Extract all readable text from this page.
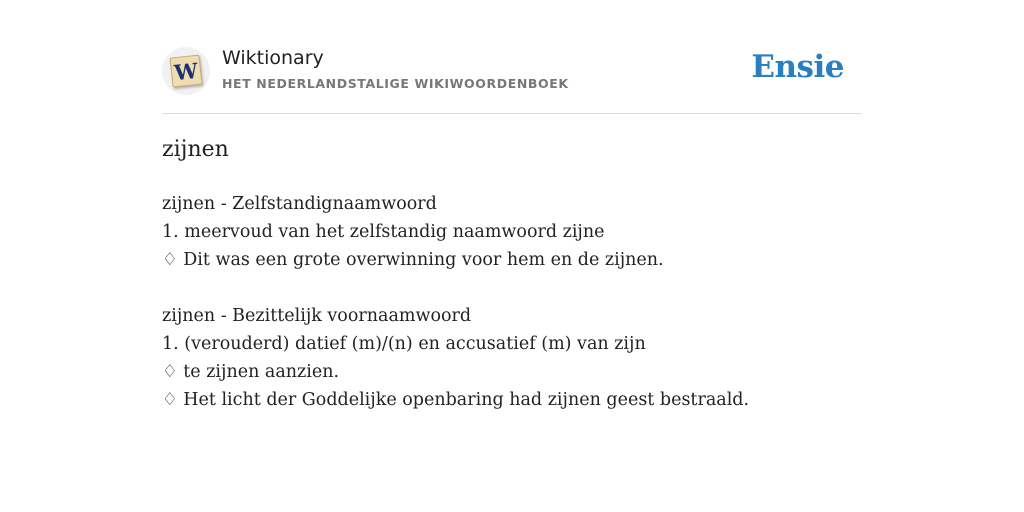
W Wiktionary
HET NEDERLANDSTALIGE WIKIWOORDENBOEK	Ensie
zijnen
zijnen - Zelfstandignaamwoord
1. meervoud van het zelfstandig naamwoord zijne
♢ Dit was een grote overwinning voor hem en de zijnen.
zijnen - Bezittelijk voornaamwoord
1. (verouderd) datief (m)/(n) en accusatief (m) van zijn
♢ te zijnen aanzien.
♢ Het licht der Goddelijke openbaring had zijnen geest bestraald.
